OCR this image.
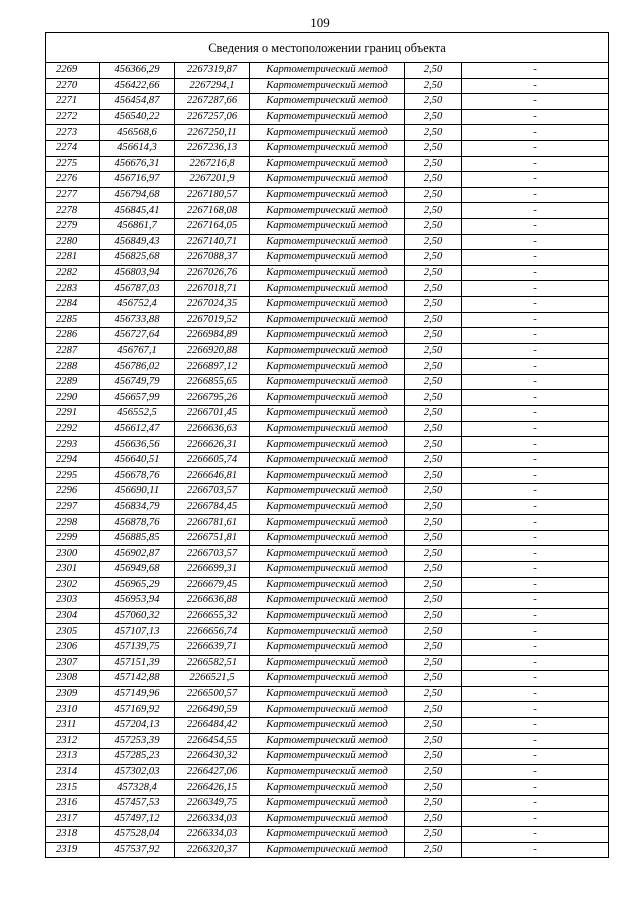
109
Сведения о местоположении границ объекта					
2269	456366,29	2267319,87	Картометрический метод	2,50	-
2270	456422,66	2267294,1	Картометрический метод	2,50	-
2271	456454,87	2267287,66	Картометрический метод	2,50	-
2272	456540,22	2267257,06	Картометрический метод	2,50	-
2273	456568,6	2267250,11	Картометрический метод	2,50	-
2274	456614,3	2267236,13	Картометрический метод	2,50	-
2275	456676,31	2267216,8	Картометрический метод	2,50	-
2276	456716,97	2267201,9	Картометрический метод	2,50	-
2277	456794,68	2267180,57	Картометрический метод	2,50	-
2278	456845,41	2267168,08	Картометрический метод	2,50	-
2279	456861,7	2267164,05	Картометрический метод	2,50	-
2280	456849,43	2267140,71	Картометрический метод	2,50	-
2281	456825,68	2267088,37	Картометрический метод	2,50	-
2282	456803,94	2267026,76	Картометрический метод	2,50	-
2283	456787,03	2267018,71	Картометрический метод	2,50	-
2284	456752,4	2267024,35	Картометрический метод	2,50	-
2285	456733,88	2267019,52	Картометрический метод	2,50	-
2286	456727,64	2266984,89	Картометрический метод	2,50	-
2287	456767,1	2266920,88	Картометрический метод	2,50	-
2288	456786,02	2266897,12	Картометрический метод	2,50	-
2289	456749,79	2266855,65	Картометрический метод	2,50	-
2290	456657,99	2266795,26	Картометрический метод	2,50	-
2291	456552,5	2266701,45	Картометрический метод	2,50	-
2292	456612,47	2266636,63	Картометрический метод	2,50	-
2293	456636,56	2266626,31	Картометрический метод	2,50	-
2294	456640,51	2266605,74	Картометрический метод	2,50	-
2295	456678,76	2266646,81	Картометрический метод	2,50	-
2296	456690,11	2266703,57	Картометрический метод	2,50	-
2297	456834,79	2266784,45	Картометрический метод	2,50	-
2298	456878,76	2266781,61	Картометрический метод	2,50	-
2299	456885,85	2266751,81	Картометрический метод	2,50	-
2300	456902,87	2266703,57	Картометрический метод	2,50	-
2301	456949,68	2266699,31	Картометрический метод	2,50	-
2302	456965,29	2266679,45	Картометрический метод	2,50	-
2303	456953,94	2266636,88	Картометрический метод	2,50	-
2304	457060,32	2266655,32	Картометрический метод	2,50	-
2305	457107,13	2266656,74	Картометрический метод	2,50	-
2306	457139,75	2266639,71	Картометрический метод	2,50	-
2307	457151,39	2266582,51	Картометрический метод	2,50	-
2308	457142,88	2266521,5	Картометрический метод	2,50	-
2309	457149,96	2266500,57	Картометрический метод	2,50	-
2310	457169,92	2266490,59	Картометрический метод	2,50	-
2311	457204,13	2266484,42	Картометрический метод	2,50	-
2312	457253,39	2266454,55	Картометрический метод	2,50	-
2313	457285,23	2266430,32	Картометрический метод	2,50	-
2314	457302,03	2266427,06	Картометрический метод	2,50	-
2315	457328,4	2266426,15	Картометрический метод	2,50	-
2316	457457,53	2266349,75	Картометрический метод	2,50	-
2317	457497,12	2266334,03	Картометрический метод	2,50	-
2318	457528,04	2266334,03	Картометрический метод	2,50	-
2319	457537,92	2266320,37	Картометрический метод	2,50	-
